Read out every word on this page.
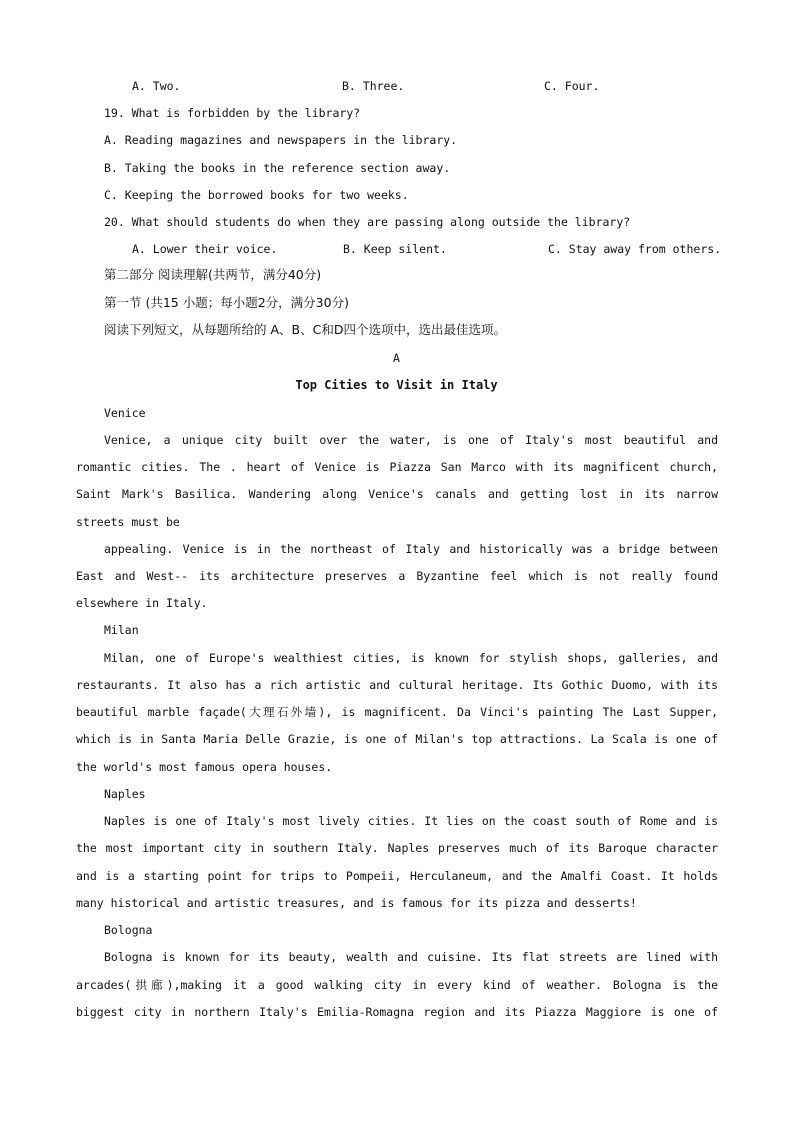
A. Two.	B. Three.	C. Four.
19. What is forbidden by the library?
A. Reading magazines and newspapers in the library.
B. Taking the books in the reference section away.
C. Keeping the borrowed books for two weeks.
20. What should students do when they are passing along outside the library?
A. Lower their voice.	B. Keep silent.	C. Stay away from others.
第二部分 阅读理解(共两节，满分40分)
第一节 (共15 小题；每小题2分，满分30分)
阅读下列短文，从每题所给的 A、B、C和D四个选项中，选出最佳选项。
A
Top Cities to Visit in Italy
Venice
Venice, a unique city built over the water, is one of Italy's most beautiful and
romantic cities. The . heart of Venice is Piazza San Marco with its magnificent church,
Saint Mark's Basilica. Wandering along Venice's canals and getting lost in its narrow
streets must be
appealing. Venice is in the northeast of Italy and historically was a bridge between
East and West-- its architecture preserves a Byzantine feel which is not really found
elsewhere in Italy.
Milan
Milan, one of Europe's wealthiest cities, is known for stylish shops, galleries, and
restaurants. It also has a rich artistic and cultural heritage. Its Gothic Duomo, with its
beautiful marble façade(大理石外墙), is magnificent. Da Vinci's painting The Last Supper,
which is in Santa Maria Delle Grazie, is one of Milan's top attractions. La Scala is one of
the world's most famous opera houses.
Naples
Naples is one of Italy's most lively cities. It lies on the coast south of Rome and is
the most important city in southern Italy. Naples preserves much of its Baroque character
and is a starting point for trips to Pompeii, Herculaneum, and the Amalfi Coast. It holds
many historical and artistic treasures, and is famous for its pizza and desserts!
Bologna
Bologna is known for its beauty, wealth and cuisine. Its flat streets are lined with
arcades(拱廊),making it a good walking city in every kind of weather. Bologna is the
biggest city in northern Italy's Emilia-Romagna region and its Piazza Maggiore is one of
